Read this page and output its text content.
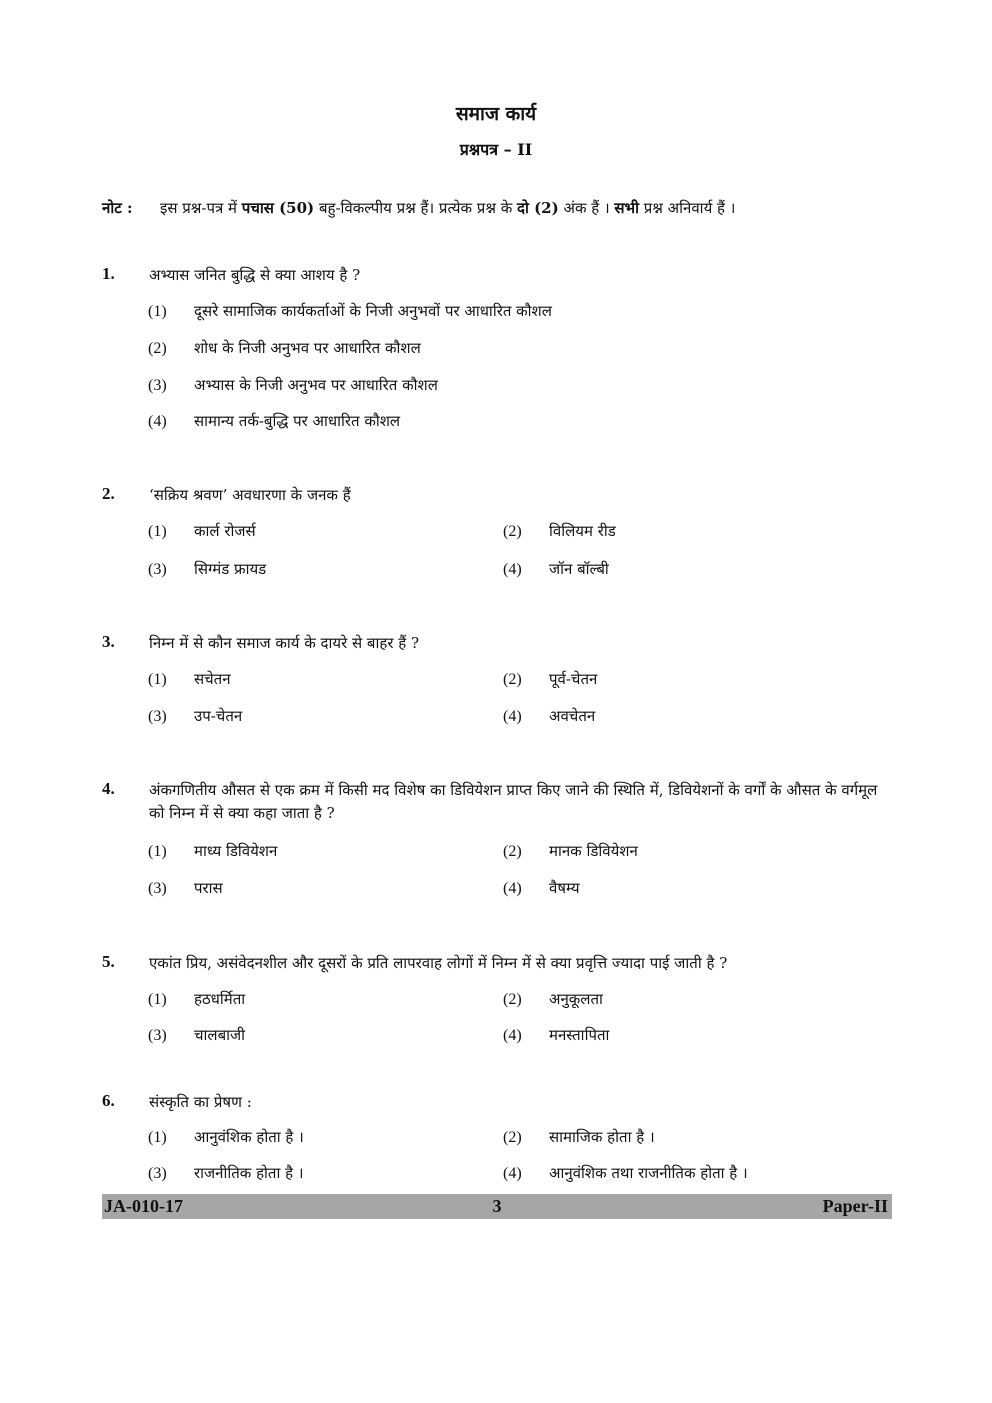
समाज कार्य
प्रश्नपत्र – II
नोट : इस प्रश्न-पत्र में पचास (50) बहु-विकल्पीय प्रश्न हैं। प्रत्येक प्रश्न के दो (2) अंक हैं । सभी प्रश्न अनिवार्य हैं ।
1. अभ्यास जनित बुद्धि से क्या आशय है ?
(1) दूसरे सामाजिक कार्यकर्ताओं के निजी अनुभवों पर आधारित कौशल
(2) शोध के निजी अनुभव पर आधारित कौशल
(3) अभ्यास के निजी अनुभव पर आधारित कौशल
(4) सामान्य तर्क-बुद्धि पर आधारित कौशल
2. ‘सक्रिय श्रवण’ अवधारणा के जनक हैं
(1) कार्ल रोजर्स	(2) विलियम रीड
(3) सिग्मंड फ्रायड	(4) जॉन बॉल्बी
3. निम्न में से कौन समाज कार्य के दायरे से बाहर हैं ?
(1) सचेतन	(2) पूर्व-चेतन
(3) उप-चेतन	(4) अवचेतन
4. अंकगणितीय औसत से एक क्रम में किसी मद विशेष का डिवियेशन प्राप्त किए जाने की स्थिति में, डिवियेशनों के वर्गों के औसत के वर्गमूल को निम्न में से क्या कहा जाता है ?
(1) माध्य डिवियेशन	(2) मानक डिवियेशन
(3) परास	(4) वैषम्य
5. एकांत प्रिय, असंवेदनशील और दूसरों के प्रति लापरवाह लोगों में निम्न में से क्या प्रवृत्ति ज्यादा पाई जाती है ?
(1) हठधर्मिता	(2) अनुकूलता
(3) चालबाजी	(4) मनस्तापिता
6. संस्कृति का प्रेषण :
(1) आनुवंशिक होता है ।	(2) सामाजिक होता है ।
(3) राजनीतिक होता है ।	(4) आनुवंशिक तथा राजनीतिक होता है ।
3
JA-010-17	Paper-II
